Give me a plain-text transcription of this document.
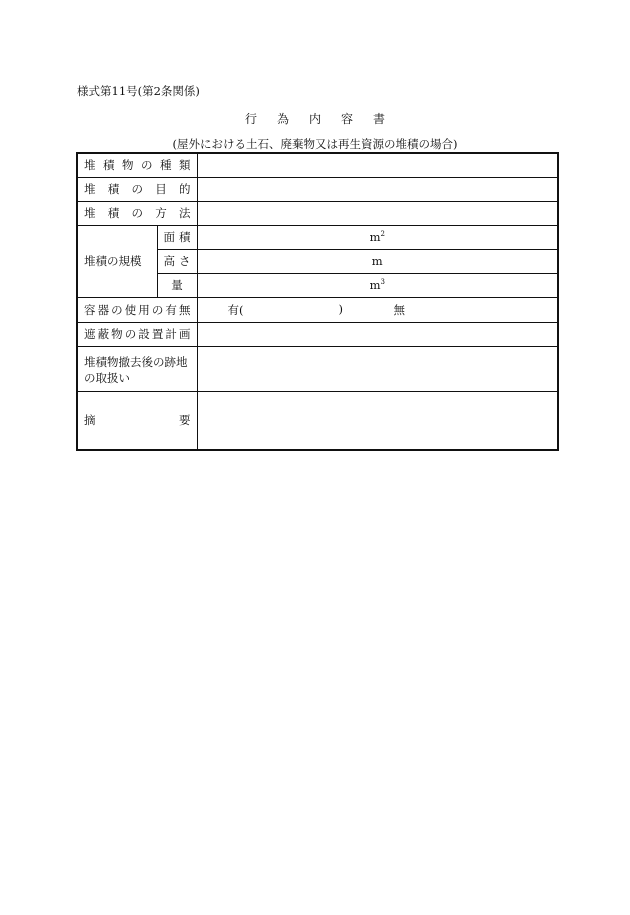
様式第11号(第2条関係)
行為内容書
(屋外における土石、廃棄物又は再生資源の堆積の場合)
堆積物の種類		
堆積の目的		
堆積の方法		
堆積の規模	面積	$m^2$
	高さ	m
	量	$m^3$
容器の使用の有無		有( ) 無

遮蔽物の設置計画		
堆積物撤去後の跡地の取扱い		
摘要		
